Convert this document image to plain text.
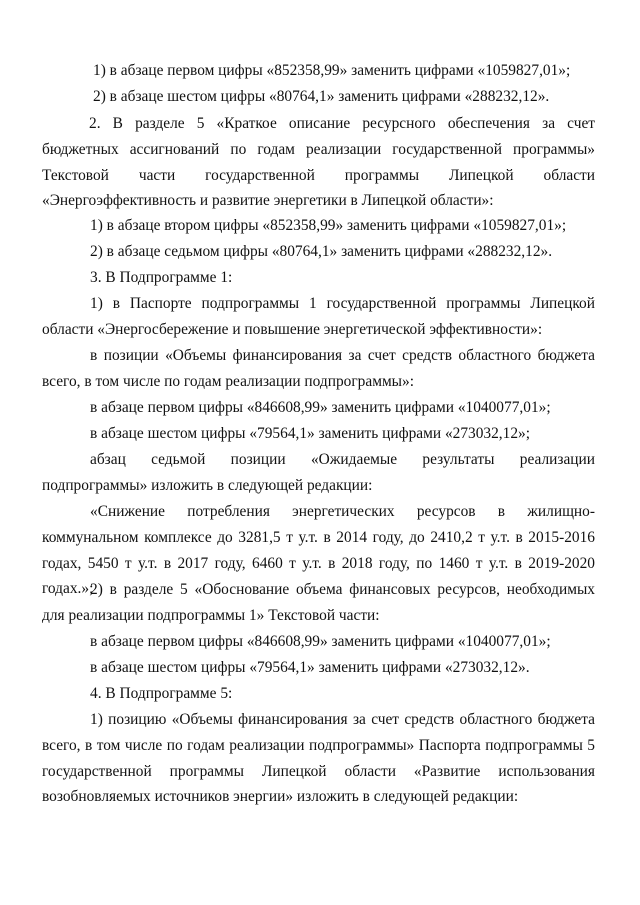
1) в абзаце первом цифры «852358,99» заменить цифрами «1059827,01»;

2) в абзаце шестом цифры «80764,1» заменить цифрами «288232,12».

2. В разделе 5 «Краткое описание ресурсного обеспечения за счет бюджетных ассигнований по годам реализации государственной программы» Текстовой части государственной программы Липецкой области «Энергоэффективность и развитие энергетики в Липецкой области»:

1) в абзаце втором цифры «852358,99» заменить цифрами «1059827,01»;

2) в абзаце седьмом цифры «80764,1» заменить цифрами «288232,12».

3. В Подпрограмме 1:

1) в Паспорте подпрограммы 1 государственной программы Липецкой области «Энергосбережение и повышение энергетической эффективности»:

в позиции «Объемы финансирования за счет средств областного бюджета всего, в том числе по годам реализации подпрограммы»:

в абзаце первом цифры «846608,99» заменить цифрами «1040077,01»;

в абзаце шестом цифры «79564,1» заменить цифрами «273032,12»;

абзац седьмой позиции «Ожидаемые результаты реализации подпрограммы» изложить в следующей редакции:

«Снижение потребления энергетических ресурсов в жилищно-коммунальном комплексе до 3281,5 т у.т. в 2014 году, до 2410,2 т у.т. в 2015-2016 годах, 5450 т у.т. в 2017 году, 6460 т у.т. в 2018 году, по 1460 т у.т. в 2019-2020 годах.»;

2) в разделе 5 «Обоснование объема финансовых ресурсов, необходимых для реализации подпрограммы 1» Текстовой части:

в абзаце первом цифры «846608,99» заменить цифрами «1040077,01»;

в абзаце шестом цифры «79564,1» заменить цифрами «273032,12».

4. В Подпрограмме 5:

1) позицию «Объемы финансирования за счет средств областного бюджета всего, в том числе по годам реализации подпрограммы» Паспорта подпрограммы 5 государственной программы Липецкой области «Развитие использования возобновляемых источников энергии» изложить в следующей редакции:
